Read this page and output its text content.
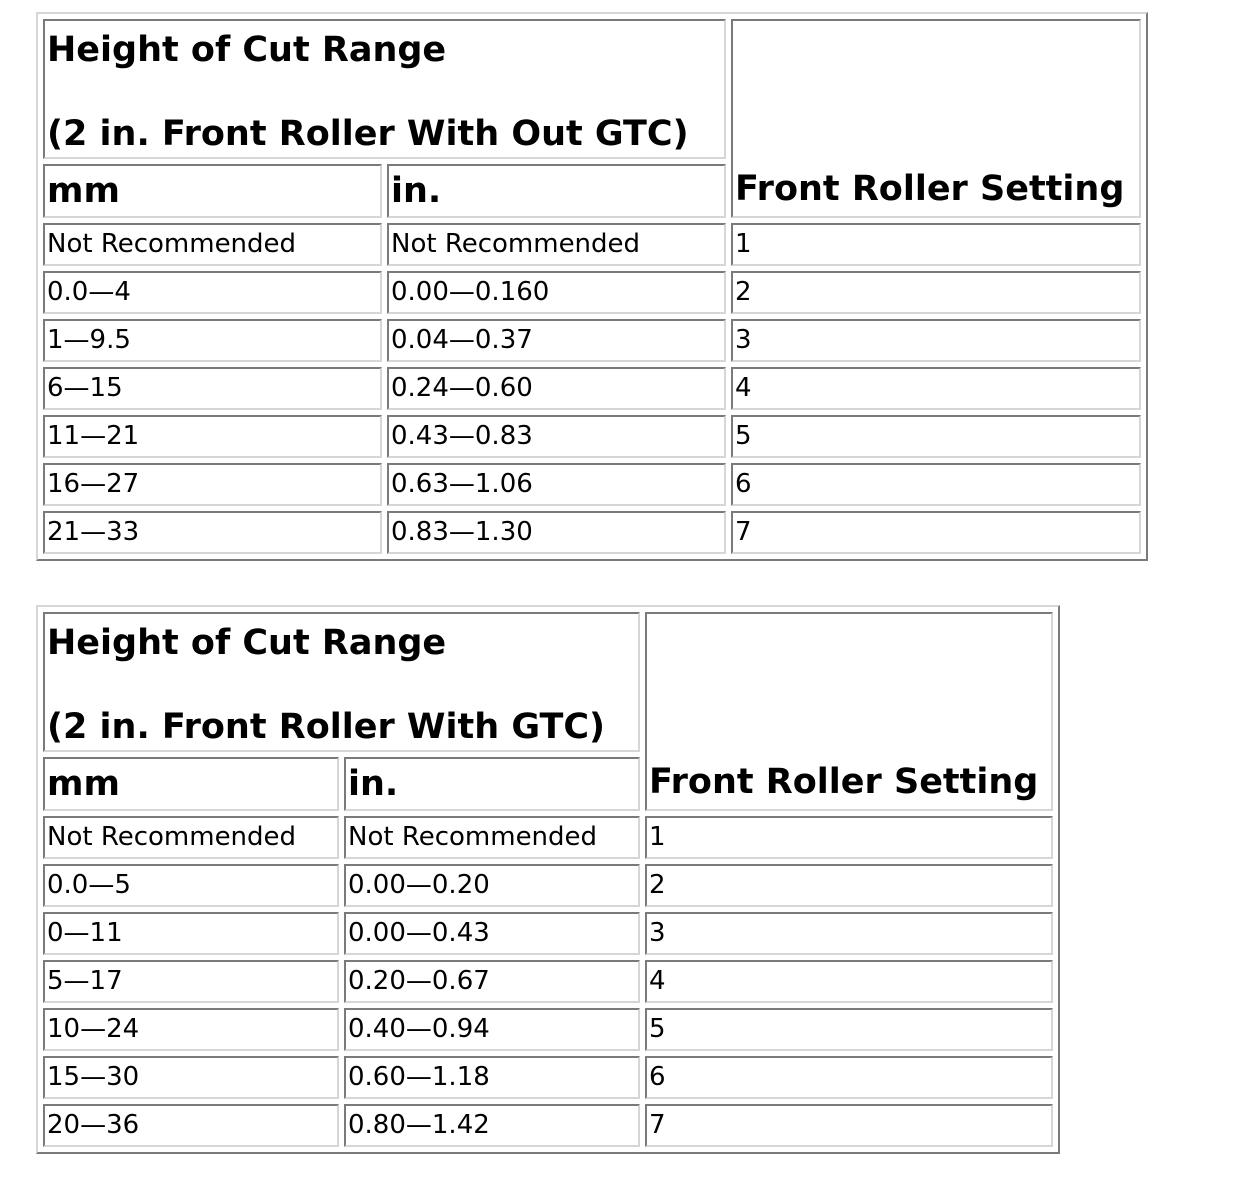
Height of Cut Range
(2 in. Front Roller With Out GTC)		Front Roller Setting
mm	in.	
Not Recommended	Not Recommended	1
0.0—4	0.00—0.160	2
1—9.5	0.04—0.37	3
6—15	0.24—0.60	4
11—21	0.43—0.83	5
16—27	0.63—1.06	6
21—33	0.83—1.30	7
Height of Cut Range
(2 in. Front Roller With GTC)		Front Roller Setting
mm	in.	
Not Recommended	Not Recommended	1
0.0—5	0.00—0.20	2
0—11	0.00—0.43	3
5—17	0.20—0.67	4
10—24	0.40—0.94	5
15—30	0.60—1.18	6
20—36	0.80—1.42	7
